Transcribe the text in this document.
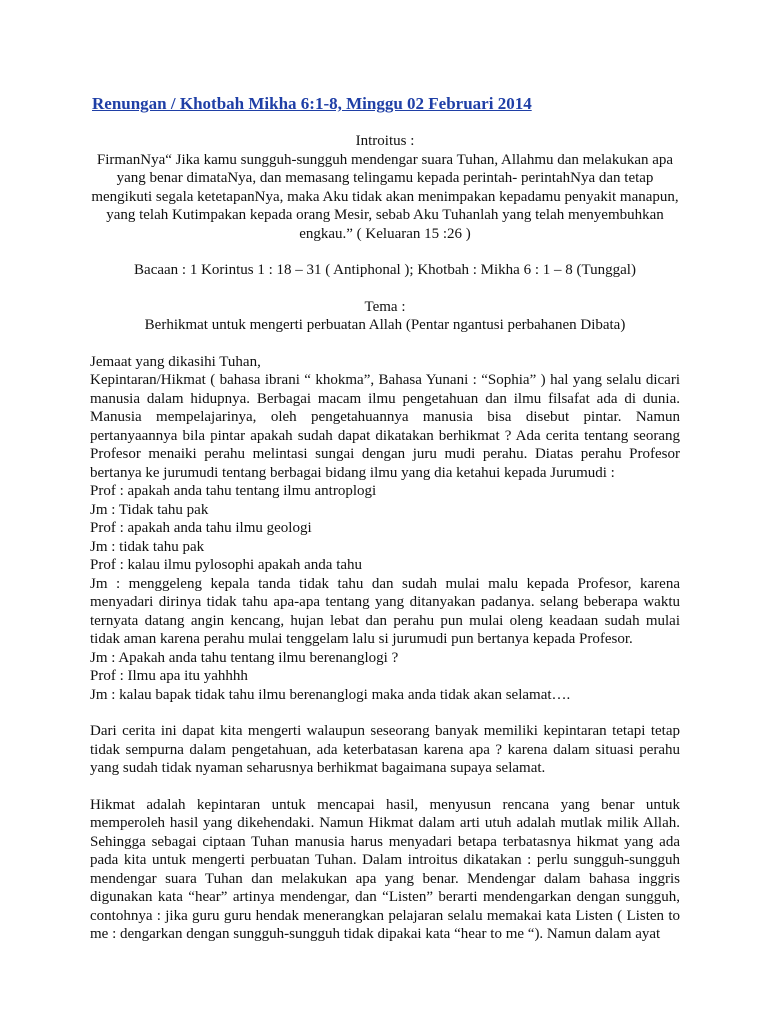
Renungan / Khotbah Mikha 6:1-8, Minggu 02 Februari 2014
Introitus :
FirmanNya“ Jika kamu sungguh-sungguh mendengar suara Tuhan, Allahmu dan melakukan apa yang benar dimataNya, dan memasang telingamu kepada perintah- perintahNya dan tetap mengikuti segala ketetapanNya, maka Aku tidak akan menimpakan kepadamu penyakit manapun, yang telah Kutimpakan kepada orang Mesir, sebab Aku Tuhanlah yang telah menyembuhkan engkau.” ( Keluaran 15 :26 )
Bacaan : 1 Korintus 1 : 18 – 31 ( Antiphonal ); Khotbah : Mikha 6 : 1 – 8 (Tunggal)
Tema :
Berhikmat untuk mengerti perbuatan Allah (Pentar ngantusi perbahanen Dibata)
Jemaat yang dikasihi Tuhan,
Kepintaran/Hikmat ( bahasa ibrani “ khokma”, Bahasa Yunani : “Sophia” ) hal yang selalu dicari manusia dalam hidupnya. Berbagai macam ilmu pengetahuan dan ilmu filsafat ada di dunia. Manusia mempelajarinya, oleh pengetahuannya manusia bisa disebut pintar. Namun pertanyaannya bila pintar apakah sudah dapat dikatakan berhikmat ? Ada cerita tentang seorang Profesor menaiki perahu melintasi sungai dengan juru mudi perahu. Diatas perahu Profesor bertanya ke jurumudi tentang berbagai bidang ilmu yang dia ketahui kepada Jurumudi :
Prof : apakah anda tahu tentang ilmu antroplogi
Jm : Tidak tahu pak
Prof : apakah anda tahu ilmu geologi
Jm : tidak tahu pak
Prof : kalau ilmu pylosophi apakah anda tahu
Jm : menggeleng kepala tanda tidak tahu dan sudah mulai malu kepada Profesor, karena menyadari dirinya tidak tahu apa-apa tentang yang ditanyakan padanya. selang beberapa waktu ternyata datang angin kencang, hujan lebat dan perahu pun mulai oleng keadaan sudah mulai tidak aman karena perahu mulai tenggelam lalu si jurumudi pun bertanya kepada Profesor.
Jm : Apakah anda tahu tentang ilmu berenanglogi ?
Prof : Ilmu apa itu yahhhh
Jm : kalau bapak tidak tahu ilmu berenanglogi maka anda tidak akan selamat….
Dari cerita ini dapat kita mengerti walaupun seseorang banyak memiliki kepintaran tetapi tetap tidak sempurna dalam pengetahuan, ada keterbatasan karena apa ? karena dalam situasi perahu yang sudah tidak nyaman seharusnya berhikmat bagaimana supaya selamat.
Hikmat adalah kepintaran untuk mencapai hasil, menyusun rencana yang benar untuk memperoleh hasil yang dikehendaki. Namun Hikmat dalam arti utuh adalah mutlak milik Allah. Sehingga sebagai ciptaan Tuhan manusia harus menyadari betapa terbatasnya hikmat yang ada pada kita untuk mengerti perbuatan Tuhan. Dalam introitus dikatakan : perlu sungguh-sungguh mendengar suara Tuhan dan melakukan apa yang benar. Mendengar dalam bahasa inggris digunakan kata “hear” artinya mendengar, dan “Listen” berarti mendengarkan dengan sungguh, contohnya : jika guru guru hendak menerangkan pelajaran selalu memakai kata Listen ( Listen to me : dengarkan dengan sungguh-sungguh tidak dipakai kata “hear to me “). Namun dalam ayat
